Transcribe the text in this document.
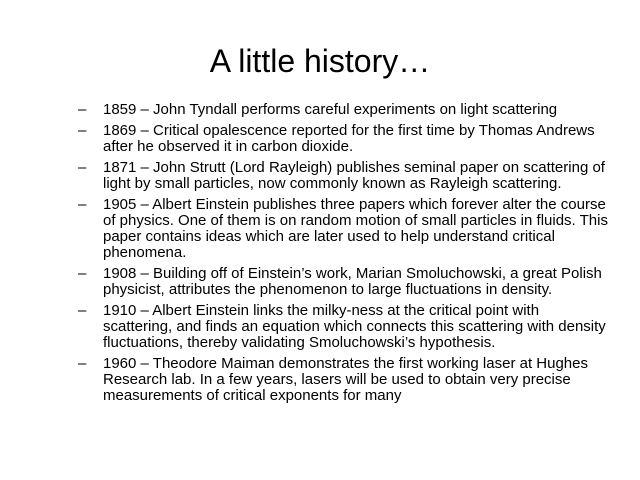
A little history…
– 1859 – John Tyndall performs careful experiments on light scattering
– 1869 – Critical opalescence reported for the first time by Thomas Andrews after he observed it in carbon dioxide.
– 1871 – John Strutt (Lord Rayleigh) publishes seminal paper on scattering of light by small particles, now commonly known as Rayleigh scattering.
– 1905 – Albert Einstein publishes three papers which forever alter the course of physics. One of them is on random motion of small particles in fluids. This paper contains ideas which are later used to help understand critical phenomena.
– 1908 – Building off of Einstein’s work, Marian Smoluchowski, a great Polish physicist, attributes the phenomenon to large fluctuations in density.
– 1910 – Albert Einstein links the milky-ness at the critical point with scattering, and finds an equation which connects this scattering with density fluctuations, thereby validating Smoluchowski’s hypothesis.
– 1960 – Theodore Maiman demonstrates the first working laser at Hughes Research lab. In a few years, lasers will be used to obtain very precise measurements of critical exponents for many
